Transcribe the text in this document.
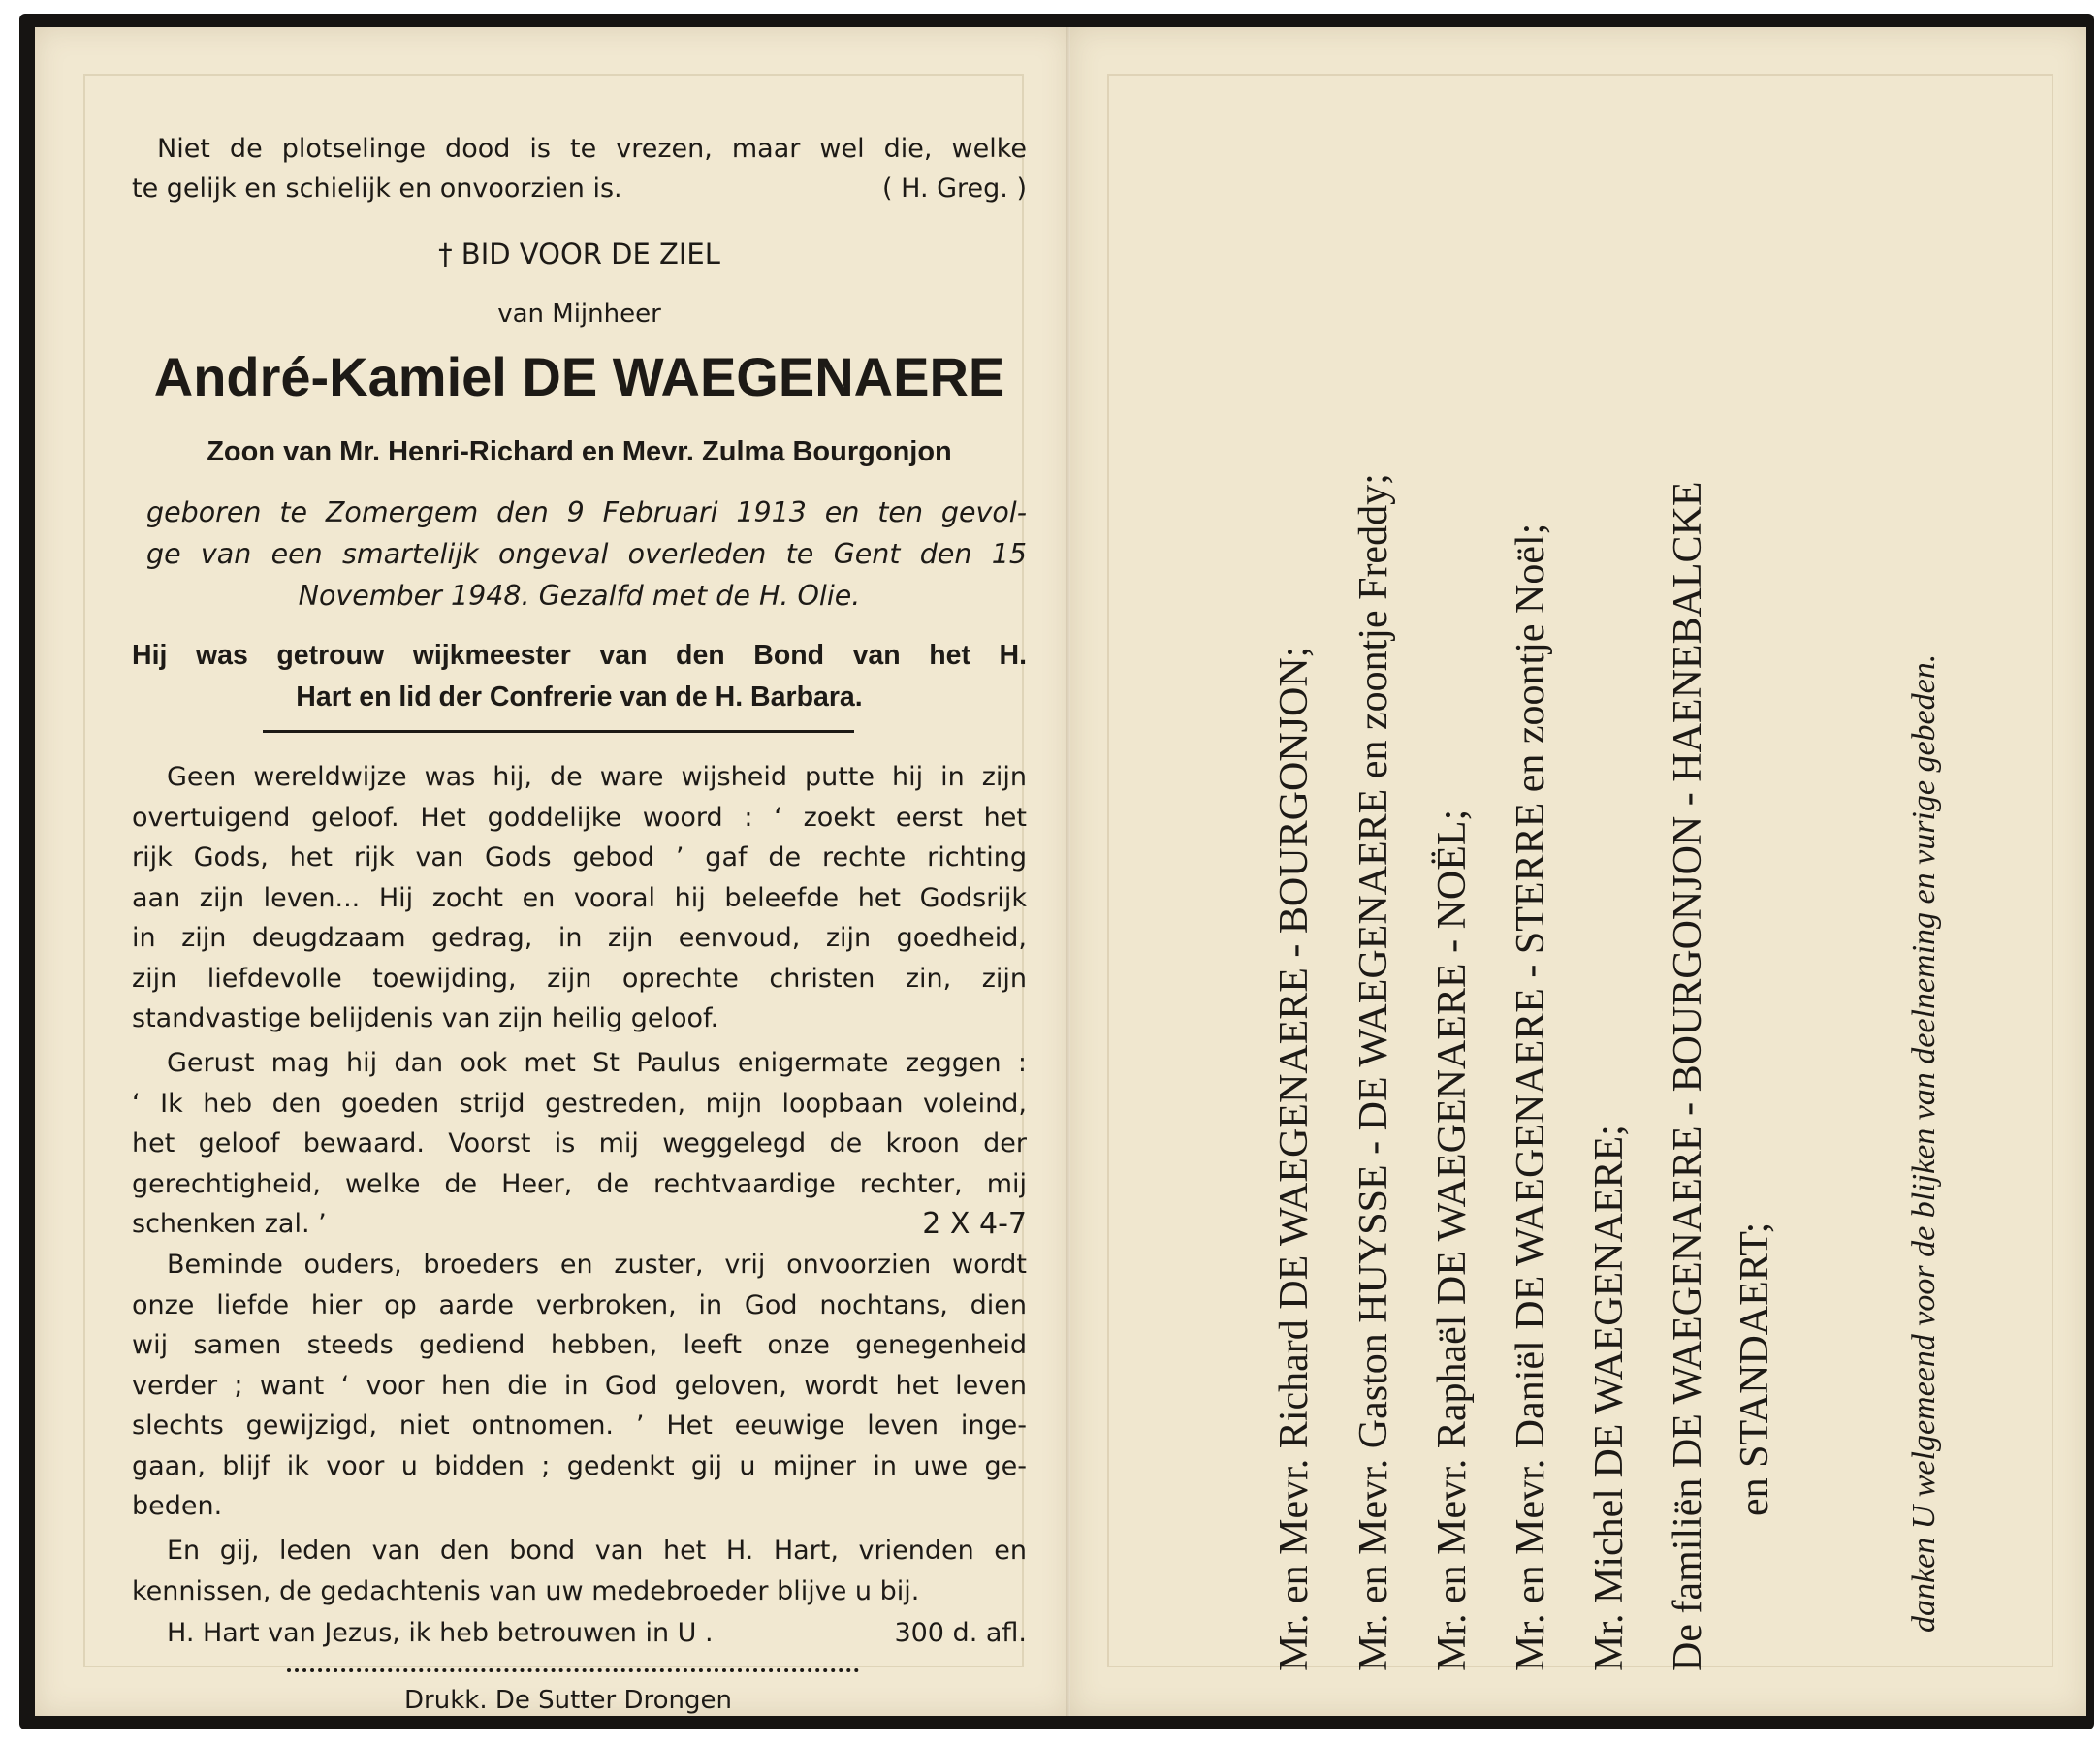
Niet de plotselinge dood is te vrezen, maar wel die, welke

te gelijk en schielijk en onvoorzien is.	( H. Greg. )

† BID VOOR DE ZIEL

van Mijnheer

André-Kamiel DE WAEGENAERE

Zoon van Mr. Henri-Richard en Mevr. Zulma Bourgonjon

geboren te Zomergem den 9 Februari 1913 en ten gevol-

ge van een smartelijk ongeval overleden te Gent den 15

November 1948. Gezalfd met de H. Olie.

Hij was getrouw wijkmeester van den Bond van het H.

Hart en lid der Confrerie van de H. Barbara.

Geen wereldwijze was hij, de ware wijsheid putte hij in zijn

overtuigend geloof. Het goddelijke woord : ‘ zoekt eerst het

rijk Gods, het rijk van Gods gebod ’ gaf de rechte richting

aan zijn leven... Hij zocht en vooral hij beleefde het Godsrijk

in zijn deugdzaam gedrag, in zijn eenvoud, zijn goedheid,

zijn liefdevolle toewijding, zijn oprechte christen zin, zijn

standvastige belijdenis van zijn heilig geloof.

Gerust mag hij dan ook met St Paulus enigermate zeggen :

‘ Ik heb den goeden strijd gestreden, mijn loopbaan voleind,

het geloof bewaard. Voorst is mij weggelegd de kroon der

gerechtigheid, welke de Heer, de rechtvaardige rechter, mij

schenken zal. ’	2 X 4-7

Beminde ouders, broeders en zuster, vrij onvoorzien wordt

onze liefde hier op aarde verbroken, in God nochtans, dien

wij samen steeds gediend hebben, leeft onze genegenheid

verder ; want ‘ voor hen die in God geloven, wordt het leven

slechts gewijzigd, niet ontnomen. ’ Het eeuwige leven inge-

gaan, blijf ik voor u bidden ; gedenkt gij u mijner in uwe ge-

beden.

En gij, leden van den bond van het H. Hart, vrienden en

kennissen, de gedachtenis van uw medebroeder blijve u bij.

H. Hart van Jezus, ik heb betrouwen in U .	300 d. afl.

Drukk. De Sutter Drongen

Mr. en Mevr. Richard DE WAEGENAERE - BOURGONJON; Mr. en Mevr. Gaston HUYSSE - DE WAEGENAERE en zoontje Freddy; Mr. en Mevr. Raphaël DE WAEGENAERE - NOËL; Mr. en Mevr. Daniël DE WAEGENAERE - STERRE en zoontje Noël; Mr. Michel DE WAEGENAERE; De familiën DE WAEGENAERE - BOURGONJON - HAENEBALCKE en STANDAERT;	danken U welgemeend voor de blijken van deelneming en vurige gebeden.
